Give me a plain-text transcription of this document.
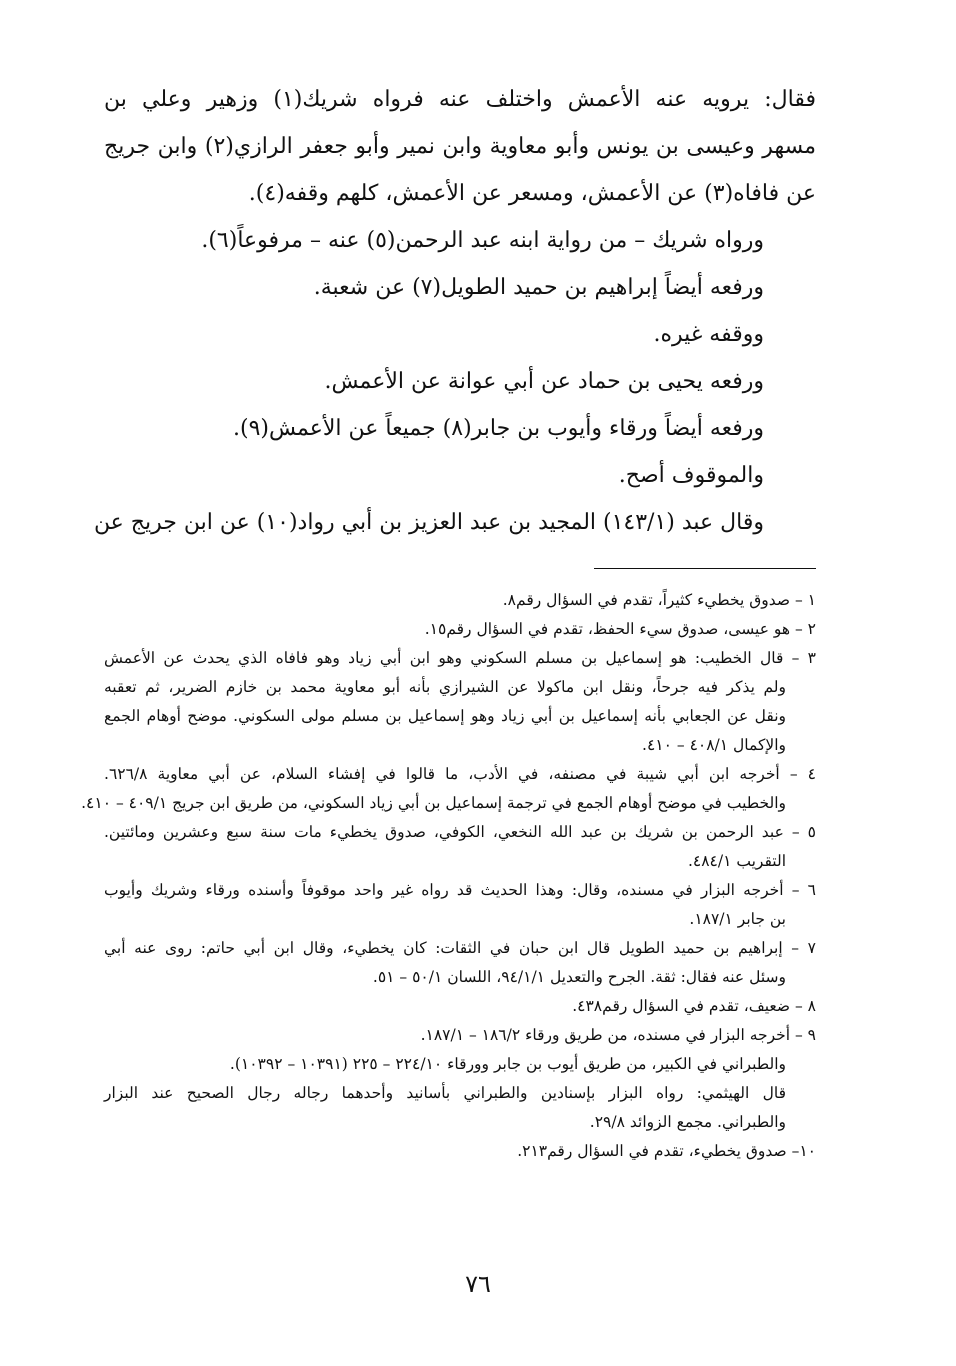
فقال: يرويه عنه الأعمش واختلف عنه فرواه شريك(١) وزهير وعلي بن
مسهر وعيسى بن يونس وأبو معاوية وابن نمير وأبو جعفر الرازي(٢) وابن جريج
عن فافاه(٣) عن الأعمش، ومسعر عن الأعمش، كلهم وقفه(٤).
ورواه شريك – من رواية ابنه عبد الرحمن(٥) عنه – مرفوعاً(٦).
ورفعه أيضاً إبراهيم بن حميد الطويل(٧) عن شعبة.
ووقفه غيره.
ورفعه يحيى بن حماد عن أبي عوانة عن الأعمش.
ورفعه أيضاً ورقاء وأيوب بن جابر(٨) جميعاً عن الأعمش(٩).
والموقوف أصح.
وقال عبد (١٤٣/١) المجيد بن عبد العزيز بن أبي رواد(١٠) عن ابن جريج عن
١ – صدوق يخطيء كثيراً، تقدم في السؤال رقم٨.
٢ – هو عيسى، صدوق سيء الحفظ، تقدم في السؤال رقم١٥.
٣ – قال الخطيب: هو إسماعيل بن مسلم السكوني وهو ابن أبي زياد وهو فافاه الذي يحدث عن الأعمش
ولم يذكر فيه جرحاً، ونقل ابن ماكولا عن الشيرازي بأنه أبو معاوية محمد بن خازم الضرير، ثم تعقبه
ونقل عن الجعابي بأنه إسماعيل بن أبي زياد وهو إسماعيل بن مسلم مولى السكوني. موضح أوهام الجمع
والإكمال ٤٠٨/١ – ٤١٠.
٤ – أخرجه ابن أبي شيبة في مصنفه، في الأدب، ما قالوا في إفشاء السلام، عن أبي معاوية ٦٢٦/٨.
والخطيب في موضح أوهام الجمع في ترجمة إسماعيل بن أبي زياد السكوني، من طريق ابن جريج ٤٠٩/١ – ٤١٠.
٥ – عبد الرحمن بن شريك بن عبد الله النخعي، الكوفي، صدوق يخطيء مات سنة سبع وعشرين ومائتين.
التقريب ٤٨٤/١.
٦ – أخرجه البزار في مسنده، وقال: وهذا الحديث قد رواه غير واحد موقوفاً وأسنده ورقاء وشريك وأيوب
بن جابر ١٨٧/١.
٧ – إبراهيم بن حميد الطويل قال ابن حبان في الثقات: كان يخطيء، وقال ابن أبي حاتم: روى عنه أبي
وسئل عنه فقال: ثقة. الجرح والتعديل ٩٤/١/١، اللسان ٥٠/١ – ٥١.
٨ – ضعيف، تقدم في السؤال رقم٤٣٨.
٩ – أخرجه البزار في مسنده، من طريق ورقاء ١٨٦/٢ – ١٨٧/١.
والطبراني في الكبير، من طريق أيوب بن جابر وورقاء ٢٢٤/١٠ – ٢٢٥ (١٠٣٩١ – ١٠٣٩٢).
قال الهيثمي: رواه البزار بإسنادين والطبراني بأسانيد وأحدهما رجاله رجال الصحيح عند البزار
والطبراني. مجمع الزوائد ٢٩/٨.
١٠– صدوق يخطيء، تقدم في السؤال رقم٢١٣.
٧٦
